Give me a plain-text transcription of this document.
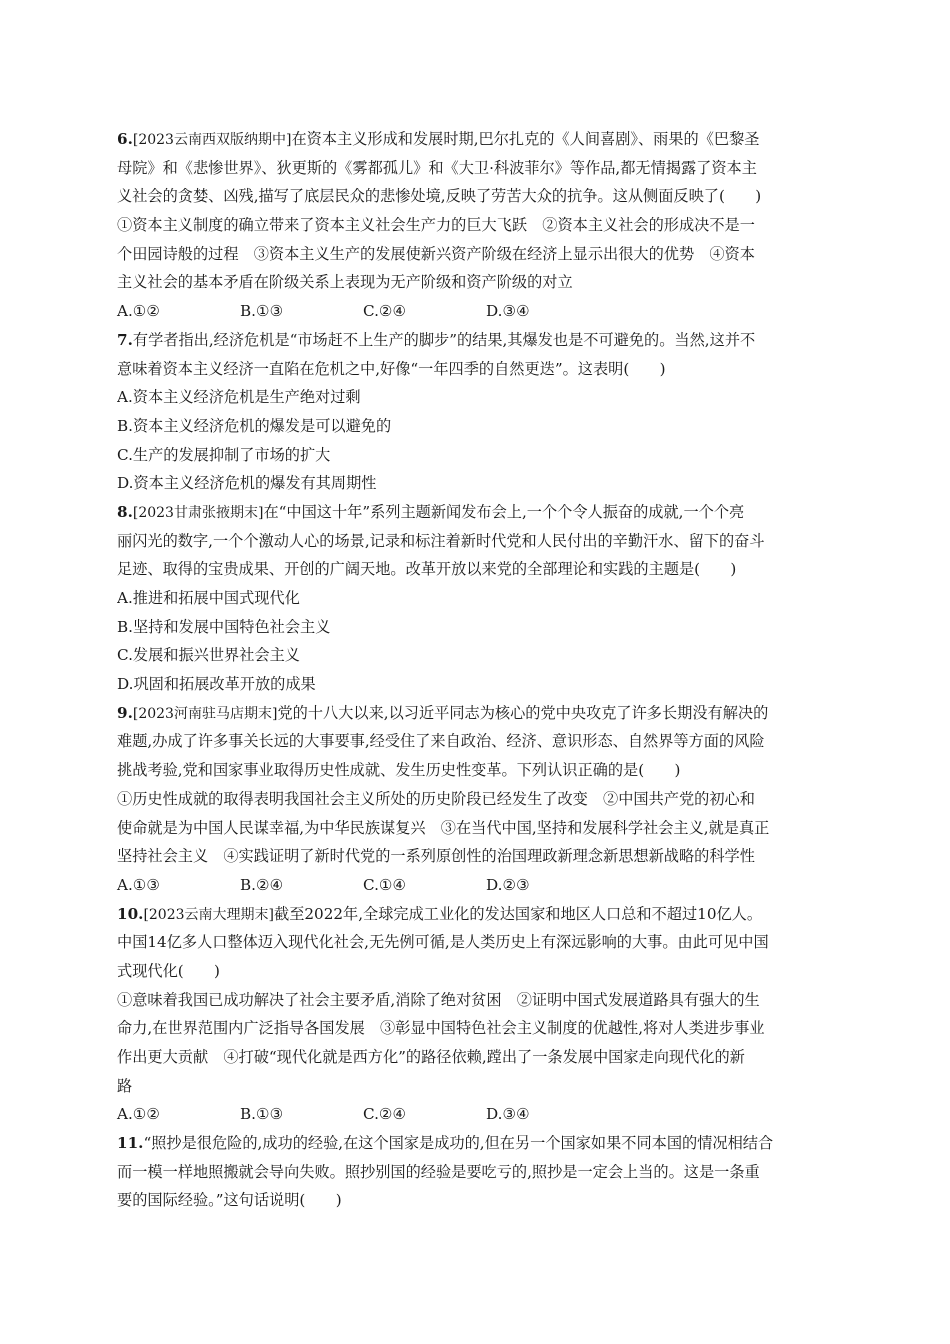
6.[2023云南西双版纳期中]在资本主义形成和发展时期,巴尔扎克的《人间喜剧》、雨果的《巴黎圣
母院》和《悲惨世界》、狄更斯的《雾都孤儿》和《大卫·科波菲尔》等作品,都无情揭露了资本主
义社会的贪婪、凶残,描写了底层民众的悲惨处境,反映了劳苦大众的抗争。这从侧面反映了(　　)
①资本主义制度的确立带来了资本主义社会生产力的巨大飞跃　②资本主义社会的形成决不是一
个田园诗般的过程　③资本主义生产的发展使新兴资产阶级在经济上显示出很大的优势　④资本
主义社会的基本矛盾在阶级关系上表现为无产阶级和资产阶级的对立
A.①②	B.①③	C.②④	D.③④
7.有学者指出,经济危机是“市场赶不上生产的脚步”的结果,其爆发也是不可避免的。当然,这并不
意味着资本主义经济一直陷在危机之中,好像“一年四季的自然更迭”。这表明(　　)
A.资本主义经济危机是生产绝对过剩
B.资本主义经济危机的爆发是可以避免的
C.生产的发展抑制了市场的扩大
D.资本主义经济危机的爆发有其周期性
8.[2023甘肃张掖期末]在“中国这十年”系列主题新闻发布会上,一个个令人振奋的成就,一个个亮
丽闪光的数字,一个个激动人心的场景,记录和标注着新时代党和人民付出的辛勤汗水、留下的奋斗
足迹、取得的宝贵成果、开创的广阔天地。改革开放以来党的全部理论和实践的主题是(　　)
A.推进和拓展中国式现代化
B.坚持和发展中国特色社会主义
C.发展和振兴世界社会主义
D.巩固和拓展改革开放的成果
9.[2023河南驻马店期末]党的十八大以来,以习近平同志为核心的党中央攻克了许多长期没有解决的
难题,办成了许多事关长远的大事要事,经受住了来自政治、经济、意识形态、自然界等方面的风险
挑战考验,党和国家事业取得历史性成就、发生历史性变革。下列认识正确的是(　　)
①历史性成就的取得表明我国社会主义所处的历史阶段已经发生了改变　②中国共产党的初心和
使命就是为中国人民谋幸福,为中华民族谋复兴　③在当代中国,坚持和发展科学社会主义,就是真正
坚持社会主义　④实践证明了新时代党的一系列原创性的治国理政新理念新思想新战略的科学性
A.①③	B.②④	C.①④	D.②③
10.[2023云南大理期末]截至2022年,全球完成工业化的发达国家和地区人口总和不超过10亿人。
中国14亿多人口整体迈入现代化社会,无先例可循,是人类历史上有深远影响的大事。由此可见中国
式现代化(　　)
①意味着我国已成功解决了社会主要矛盾,消除了绝对贫困　②证明中国式发展道路具有强大的生
命力,在世界范围内广泛指导各国发展　③彰显中国特色社会主义制度的优越性,将对人类进步事业
作出更大贡献　④打破“现代化就是西方化”的路径依赖,蹚出了一条发展中国家走向现代化的新
路
A.①②	B.①③	C.②④	D.③④
11.“照抄是很危险的,成功的经验,在这个国家是成功的,但在另一个国家如果不同本国的情况相结合
而一模一样地照搬就会导向失败。照抄别国的经验是要吃亏的,照抄是一定会上当的。这是一条重
要的国际经验。”这句话说明(　　)
